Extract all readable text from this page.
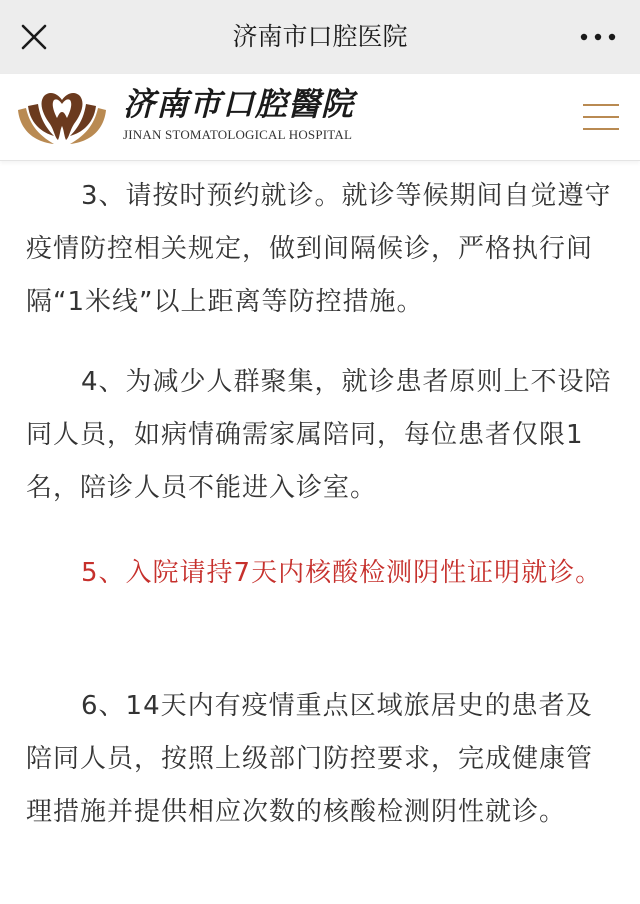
济南市口腔医院
济南市口腔醫院
JINAN STOMATOLOGICAL HOSPITAL

3、请按时预约就诊。就诊等候期间自觉遵守疫情防控相关规定，做到间隔候诊，严格执行间隔“1米线”以上距离等防控措施。

4、为减少人群聚集，就诊患者原则上不设陪同人员，如病情确需家属陪同，每位患者仅限1名，陪诊人员不能进入诊室。

5、入院请持7天内核酸检测阴性证明就诊。

6、14天内有疫情重点区域旅居史的患者及陪同人员，按照上级部门防控要求，完成健康管理措施并提供相应次数的核酸检测阴性就诊。
